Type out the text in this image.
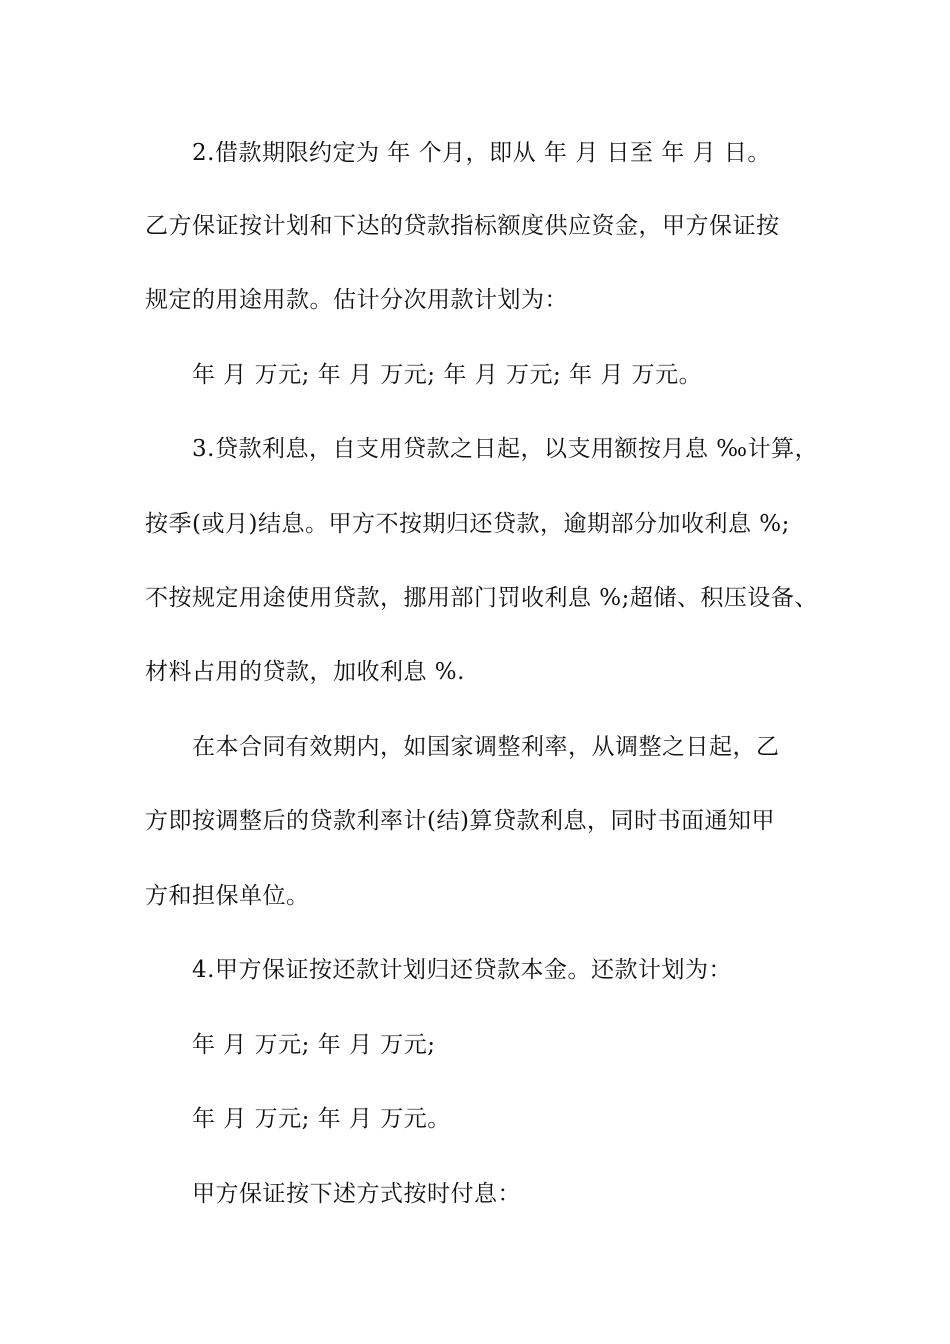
2.借款期限约定为 年 个月，即从 年 月 日至 年 月 日。
乙方保证按计划和下达的贷款指标额度供应资金，甲方保证按
规定的用途用款。估计分次用款计划为：
年 月 万元; 年 月 万元; 年 月 万元; 年 月 万元。
3.贷款利息，自支用贷款之日起，以支用额按月息 ‰计算，
按季(或月)结息。甲方不按期归还贷款，逾期部分加收利息 %;
不按规定用途使用贷款，挪用部门罚收利息 %;超储、积压设备、
材料占用的贷款，加收利息 %.
在本合同有效期内，如国家调整利率，从调整之日起，乙
方即按调整后的贷款利率计(结)算贷款利息，同时书面通知甲
方和担保单位。
4.甲方保证按还款计划归还贷款本金。还款计划为：
年 月 万元; 年 月 万元;
年 月 万元; 年 月 万元。
甲方保证按下述方式按时付息：
